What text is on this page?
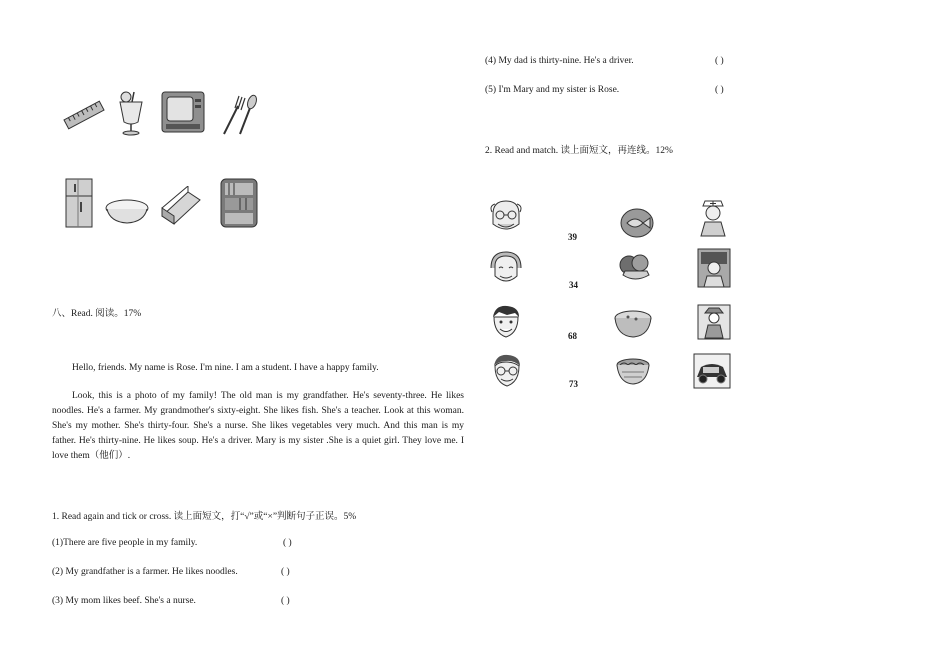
八、Read. 阅读。17%
Hello, friends. My name is Rose. I'm nine. I am a student. I have a happy family.
Look, this is a photo of my family! The old man is my grandfather. He's seventy-three. He likes noodles. He's a farmer. My grandmother's sixty-eight. She likes fish. She's a teacher. Look at this woman. She's my mother. She's thirty-four. She's a nurse. She likes vegetables very much. And this man is my father. He's thirty-nine. He likes soup. He's a driver. Mary is my sister .She is a quiet girl. They love me. I love them（他们）.
1. Read again and tick or cross. 读上面短文，打“√”或“×”判断句子正误。5%
(1)There are five people in my family.	( )
(2) My grandfather is a farmer. He likes noodles.	( )
(3) My mom likes beef. She's a nurse.	( )
(4) My dad is thirty-nine. He's a driver.	( )
(5) I'm Mary and my sister is Rose.	( )
2. Read and match. 读上面短文，再连线。12%
39
34
68
73
